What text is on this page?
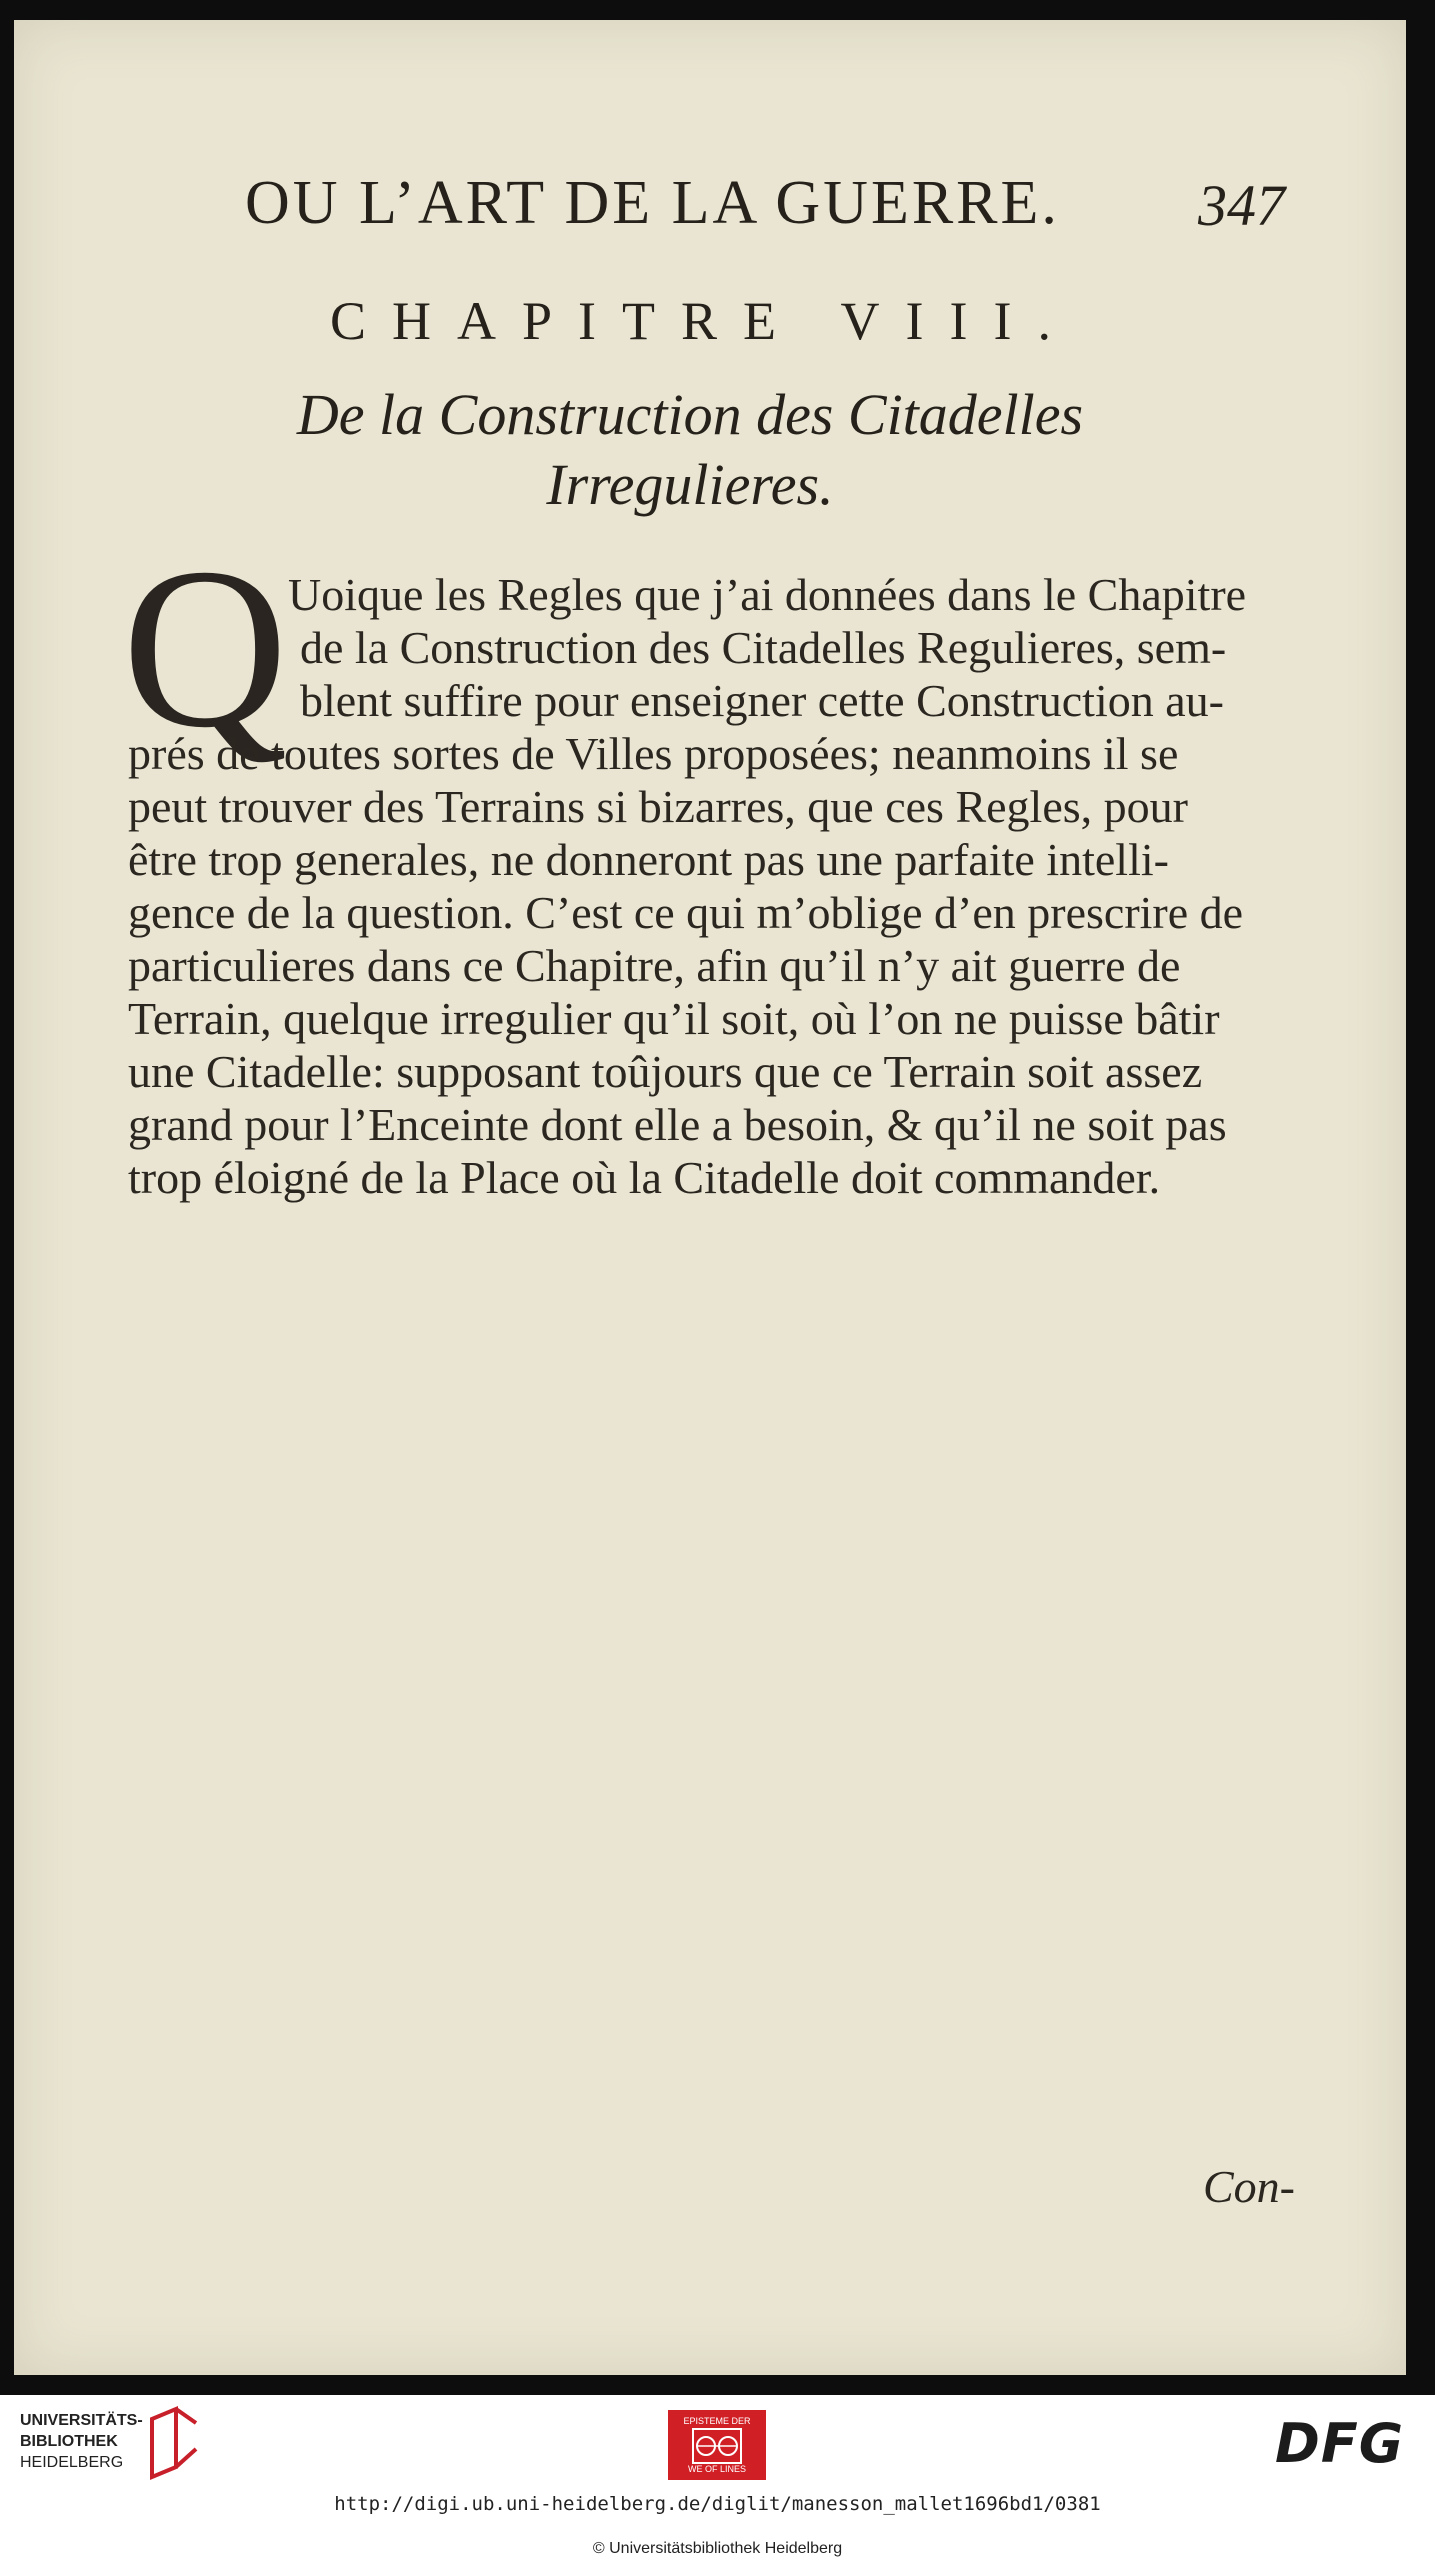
OU L’ART DE LA GUERRE. 347
CHAPITRE VIII.
De la Construction des Citadelles
Irregulieres.
Q Uoique les Regles que j’ai données dans le Chapitre
de la Construction des Citadelles Regulieres, sem-
blent suffire pour enseigner cette Construction au-
prés de toutes sortes de Villes proposées; neanmoins il se
peut trouver des Terrains si bizarres, que ces Regles, pour
être trop generales, ne donneront pas une parfaite intelli-
gence de la question. C’est ce qui m’oblige d’en prescrire de
particulieres dans ce Chapitre, afin qu’il n’y ait guerre de
Terrain, quelque irregulier qu’il soit, où l’on ne puisse bâtir
une Citadelle: supposant toûjours que ce Terrain soit assez
grand pour l’Enceinte dont elle a besoin, & qu’il ne soit pas
trop éloigné de la Place où la Citadelle doit commander.
Con-
UNIVERSITÄTS-
BIBLIOTHEK
HEIDELBERG
EPISTEME DER
WE OF LINES	DFG
http://digi.ub.uni-heidelberg.de/diglit/manesson_mallet1696bd1/0381
© Universitätsbibliothek Heidelberg
